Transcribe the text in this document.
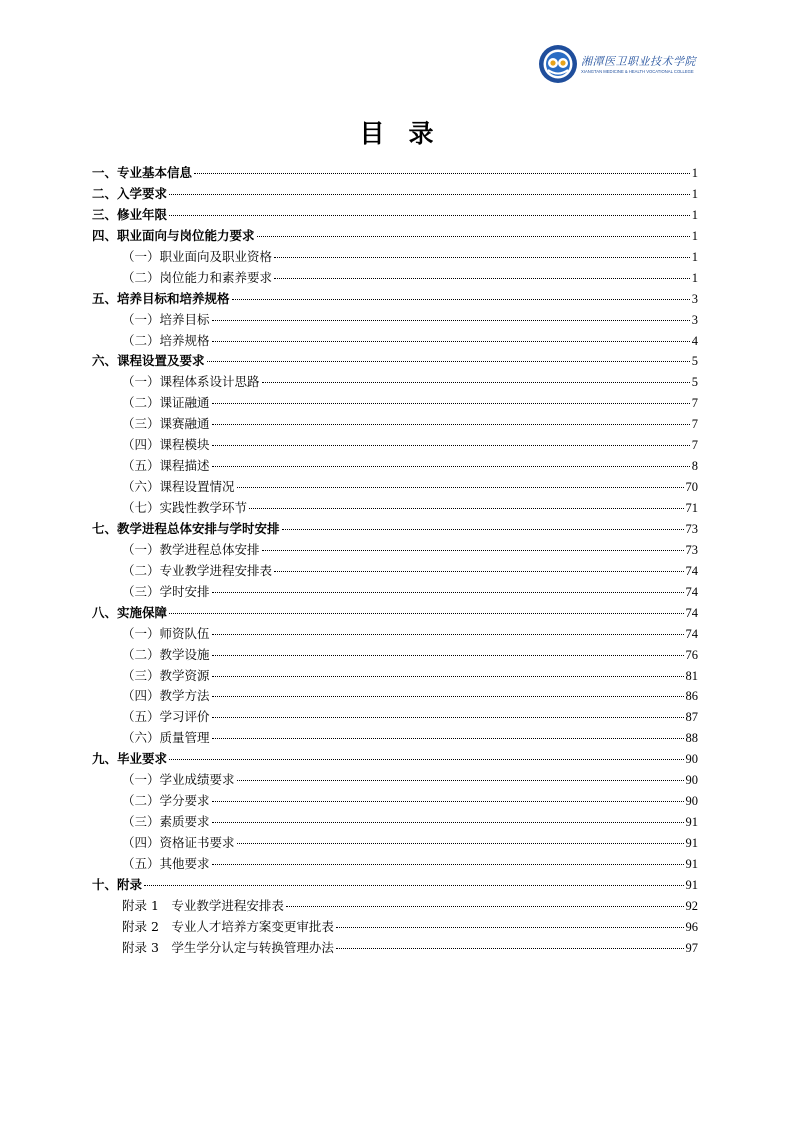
湘潭医卫职业技术学院
XIANGTAN MEDICINE & HEALTH VOCATIONAL COLLEGE
目录
一、专业基本信息	1
二、入学要求	1
三、修业年限	1
四、职业面向与岗位能力要求	1
（一）职业面向及职业资格	1
（二）岗位能力和素养要求	1
五、培养目标和培养规格	3
（一）培养目标	3
（二）培养规格	4
六、课程设置及要求	5
（一）课程体系设计思路	5
（二）课证融通	7
（三）课赛融通	7
（四）课程模块	7
（五）课程描述	8
（六）课程设置情况	70
（七）实践性教学环节	71
七、教学进程总体安排与学时安排	73
（一）教学进程总体安排	73
（二）专业教学进程安排表	74
（三）学时安排	74
八、实施保障	74
（一）师资队伍	74
（二）教学设施	76
（三）教学资源	81
（四）教学方法	86
（五）学习评价	87
（六）质量管理	88
九、毕业要求	90
（一）学业成绩要求	90
（二）学分要求	90
（三）素质要求	91
（四）资格证书要求	91
（五）其他要求	91
十、附录	91
附录 1　专业教学进程安排表	92
附录 2　专业人才培养方案变更审批表	96
附录 3　学生学分认定与转换管理办法	97
